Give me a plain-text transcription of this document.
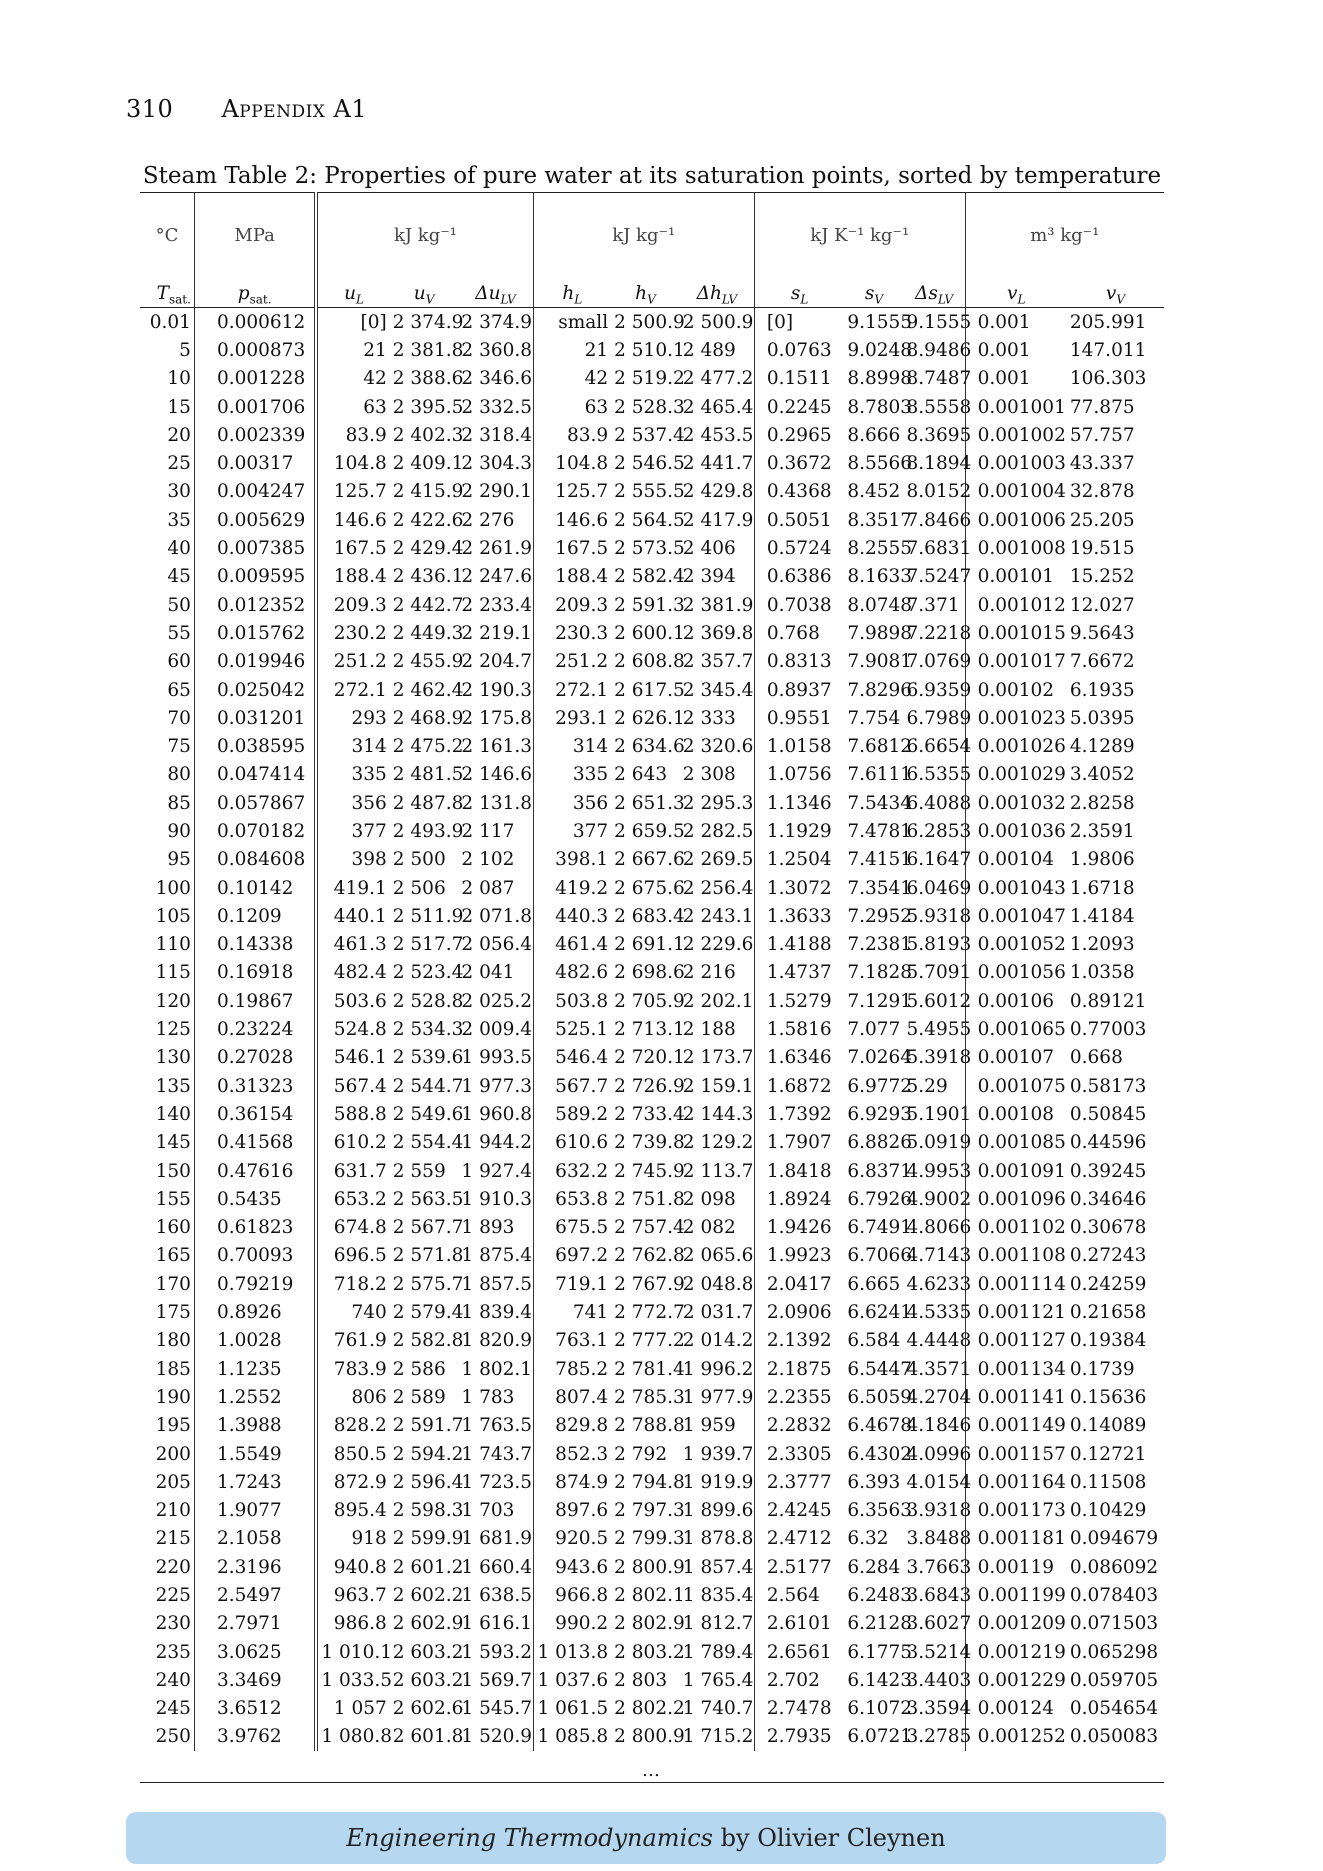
310 Appendix A1
Steam Table 2: Properties of pure water at its saturation points, sorted by temperature
°C	MPa	kJ kg⁻¹			kJ kg⁻¹			kJ K⁻¹ kg⁻¹			m³ kg⁻¹	
$T_{sat.}$	$p_{sat.}$	$u_L$	$u_V$	$\Delta u_{LV}$	$h_L$	$h_V$	$\Delta h_{LV}$	$s_L$	$s_V$	$\Delta s_{LV}$	$v_L$	$v_V$
0.01	0.000612	[0]	2 374.9	2 374.9	small	2 500.9	2 500.9	[0]	9.1555	9.1555	0.001	205.991
5	0.000873	21	2 381.8	2 360.8	21	2 510.1	2 489	0.0763	9.0248	8.9486	0.001	147.011
10	0.001228	42	2 388.6	2 346.6	42	2 519.2	2 477.2	0.1511	8.8998	8.7487	0.001	106.303
15	0.001706	63	2 395.5	2 332.5	63	2 528.3	2 465.4	0.2245	8.7803	8.5558	0.001001	77.875
20	0.002339	83.9	2 402.3	2 318.4	83.9	2 537.4	2 453.5	0.2965	8.666	8.3695	0.001002	57.757
25	0.00317	104.8	2 409.1	2 304.3	104.8	2 546.5	2 441.7	0.3672	8.5566	8.1894	0.001003	43.337
30	0.004247	125.7	2 415.9	2 290.1	125.7	2 555.5	2 429.8	0.4368	8.452	8.0152	0.001004	32.878
35	0.005629	146.6	2 422.6	2 276	146.6	2 564.5	2 417.9	0.5051	8.3517	7.8466	0.001006	25.205
40	0.007385	167.5	2 429.4	2 261.9	167.5	2 573.5	2 406	0.5724	8.2555	7.6831	0.001008	19.515
45	0.009595	188.4	2 436.1	2 247.6	188.4	2 582.4	2 394	0.6386	8.1633	7.5247	0.00101	15.252
50	0.012352	209.3	2 442.7	2 233.4	209.3	2 591.3	2 381.9	0.7038	8.0748	7.371	0.001012	12.027
55	0.015762	230.2	2 449.3	2 219.1	230.3	2 600.1	2 369.8	0.768	7.9898	7.2218	0.001015	9.5643
60	0.019946	251.2	2 455.9	2 204.7	251.2	2 608.8	2 357.7	0.8313	7.9081	7.0769	0.001017	7.6672
65	0.025042	272.1	2 462.4	2 190.3	272.1	2 617.5	2 345.4	0.8937	7.8296	6.9359	0.00102	6.1935
70	0.031201	293	2 468.9	2 175.8	293.1	2 626.1	2 333	0.9551	7.754	6.7989	0.001023	5.0395
75	0.038595	314	2 475.2	2 161.3	314	2 634.6	2 320.6	1.0158	7.6812	6.6654	0.001026	4.1289
80	0.047414	335	2 481.5	2 146.6	335	2 643	2 308	1.0756	7.6111	6.5355	0.001029	3.4052
85	0.057867	356	2 487.8	2 131.8	356	2 651.3	2 295.3	1.1346	7.5434	6.4088	0.001032	2.8258
90	0.070182	377	2 493.9	2 117	377	2 659.5	2 282.5	1.1929	7.4781	6.2853	0.001036	2.3591
95	0.084608	398	2 500	2 102	398.1	2 667.6	2 269.5	1.2504	7.4151	6.1647	0.00104	1.9806
100	0.10142	419.1	2 506	2 087	419.2	2 675.6	2 256.4	1.3072	7.3541	6.0469	0.001043	1.6718
105	0.1209	440.1	2 511.9	2 071.8	440.3	2 683.4	2 243.1	1.3633	7.2952	5.9318	0.001047	1.4184
110	0.14338	461.3	2 517.7	2 056.4	461.4	2 691.1	2 229.6	1.4188	7.2381	5.8193	0.001052	1.2093
115	0.16918	482.4	2 523.4	2 041	482.6	2 698.6	2 216	1.4737	7.1828	5.7091	0.001056	1.0358
120	0.19867	503.6	2 528.8	2 025.2	503.8	2 705.9	2 202.1	1.5279	7.1291	5.6012	0.00106	0.89121
125	0.23224	524.8	2 534.3	2 009.4	525.1	2 713.1	2 188	1.5816	7.077	5.4955	0.001065	0.77003
130	0.27028	546.1	2 539.6	1 993.5	546.4	2 720.1	2 173.7	1.6346	7.0264	5.3918	0.00107	0.668
135	0.31323	567.4	2 544.7	1 977.3	567.7	2 726.9	2 159.1	1.6872	6.9772	5.29	0.001075	0.58173
140	0.36154	588.8	2 549.6	1 960.8	589.2	2 733.4	2 144.3	1.7392	6.9293	5.1901	0.00108	0.50845
145	0.41568	610.2	2 554.4	1 944.2	610.6	2 739.8	2 129.2	1.7907	6.8826	5.0919	0.001085	0.44596
150	0.47616	631.7	2 559	1 927.4	632.2	2 745.9	2 113.7	1.8418	6.8371	4.9953	0.001091	0.39245
155	0.5435	653.2	2 563.5	1 910.3	653.8	2 751.8	2 098	1.8924	6.7926	4.9002	0.001096	0.34646
160	0.61823	674.8	2 567.7	1 893	675.5	2 757.4	2 082	1.9426	6.7491	4.8066	0.001102	0.30678
165	0.70093	696.5	2 571.8	1 875.4	697.2	2 762.8	2 065.6	1.9923	6.7066	4.7143	0.001108	0.27243
170	0.79219	718.2	2 575.7	1 857.5	719.1	2 767.9	2 048.8	2.0417	6.665	4.6233	0.001114	0.24259
175	0.8926	740	2 579.4	1 839.4	741	2 772.7	2 031.7	2.0906	6.6241	4.5335	0.001121	0.21658
180	1.0028	761.9	2 582.8	1 820.9	763.1	2 777.2	2 014.2	2.1392	6.584	4.4448	0.001127	0.19384
185	1.1235	783.9	2 586	1 802.1	785.2	2 781.4	1 996.2	2.1875	6.5447	4.3571	0.001134	0.1739
190	1.2552	806	2 589	1 783	807.4	2 785.3	1 977.9	2.2355	6.5059	4.2704	0.001141	0.15636
195	1.3988	828.2	2 591.7	1 763.5	829.8	2 788.8	1 959	2.2832	6.4678	4.1846	0.001149	0.14089
200	1.5549	850.5	2 594.2	1 743.7	852.3	2 792	1 939.7	2.3305	6.4302	4.0996	0.001157	0.12721
205	1.7243	872.9	2 596.4	1 723.5	874.9	2 794.8	1 919.9	2.3777	6.393	4.0154	0.001164	0.11508
210	1.9077	895.4	2 598.3	1 703	897.6	2 797.3	1 899.6	2.4245	6.3563	3.9318	0.001173	0.10429
215	2.1058	918	2 599.9	1 681.9	920.5	2 799.3	1 878.8	2.4712	6.32	3.8488	0.001181	0.094679
220	2.3196	940.8	2 601.2	1 660.4	943.6	2 800.9	1 857.4	2.5177	6.284	3.7663	0.00119	0.086092
225	2.5497	963.7	2 602.2	1 638.5	966.8	2 802.1	1 835.4	2.564	6.2483	3.6843	0.001199	0.078403
230	2.7971	986.8	2 602.9	1 616.1	990.2	2 802.9	1 812.7	2.6101	6.2128	3.6027	0.001209	0.071503
235	3.0625	1 010.1	2 603.2	1 593.2	1 013.8	2 803.2	1 789.4	2.6561	6.1775	3.5214	0.001219	0.065298
240	3.3469	1 033.5	2 603.2	1 569.7	1 037.6	2 803	1 765.4	2.702	6.1423	3.4403	0.001229	0.059705
245	3.6512	1 057	2 602.6	1 545.7	1 061.5	2 802.2	1 740.7	2.7478	6.1072	3.3594	0.00124	0.054654
250	3.9762	1 080.8	2 601.8	1 520.9	1 085.8	2 800.9	1 715.2	2.7935	6.0721	3.2785	0.001252	0.050083
…
Engineering Thermodynamics by Olivier Cleynen
